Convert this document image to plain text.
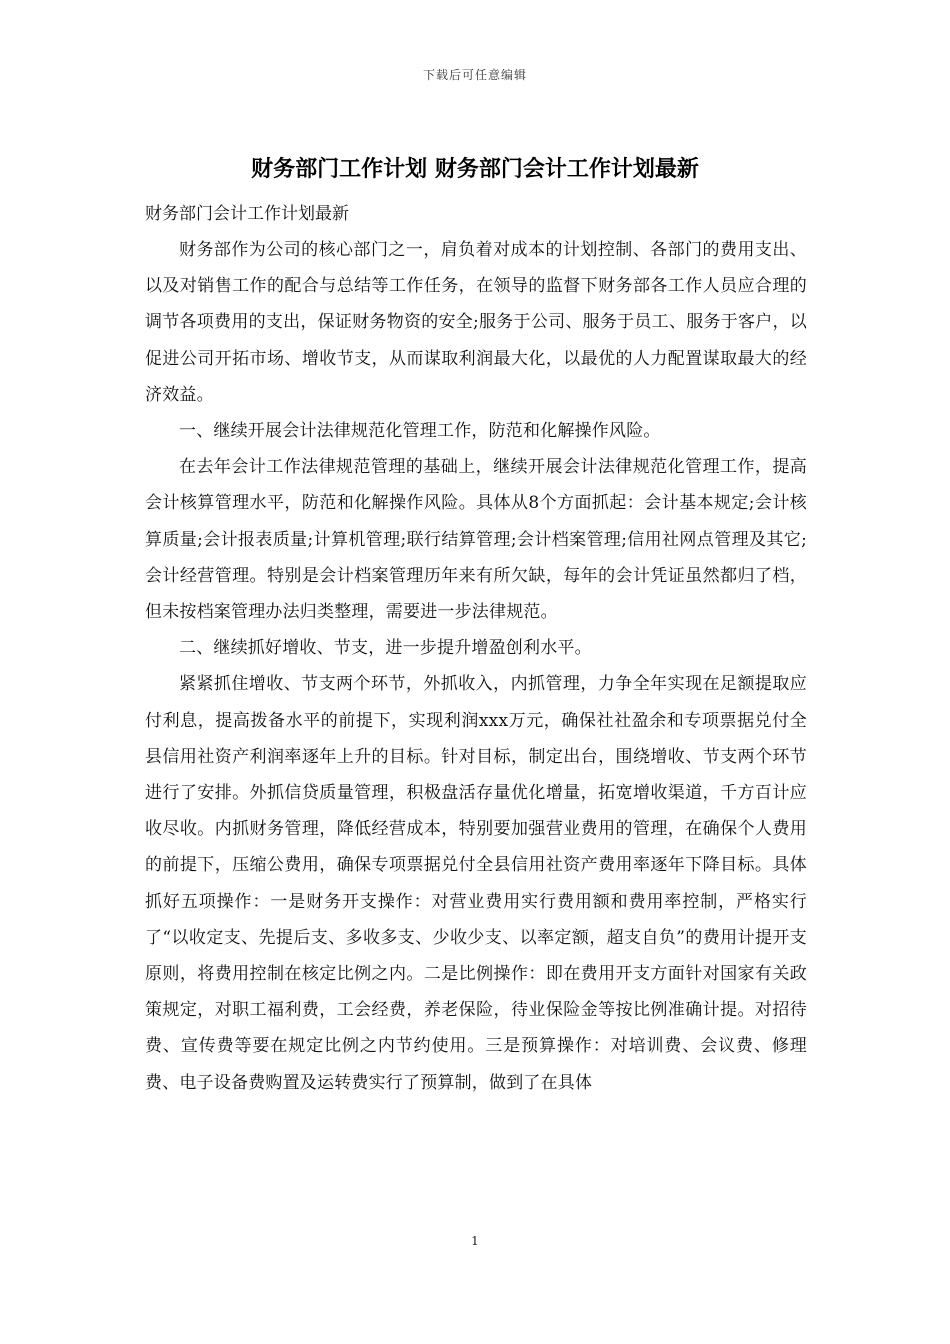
下载后可任意编辑
财务部门工作计划 财务部门会计工作计划最新

财务部门会计工作计划最新

财务部作为公司的核心部门之一，肩负着对成本的计划控制、各部门的费用支出、以及对销售工作的配合与总结等工作任务，在领导的监督下财务部各工作人员应合理的调节各项费用的支出，保证财务物资的安全;服务于公司、服务于员工、服务于客户，以促进公司开拓市场、增收节支，从而谋取利润最大化，以最优的人力配置谋取最大的经济效益。

一、继续开展会计法律规范化管理工作，防范和化解操作风险。

在去年会计工作法律规范管理的基础上，继续开展会计法律规范化管理工作，提高会计核算管理水平，防范和化解操作风险。具体从8个方面抓起：会计基本规定;会计核算质量;会计报表质量;计算机管理;联行结算管理;会计档案管理;信用社网点管理及其它;会计经营管理。特别是会计档案管理历年来有所欠缺，每年的会计凭证虽然都归了档，但未按档案管理办法归类整理，需要进一步法律规范。

二、继续抓好增收、节支，进一步提升增盈创利水平。

紧紧抓住增收、节支两个环节，外抓收入，内抓管理，力争全年实现在足额提取应付利息，提高拨备水平的前提下，实现利润xxx万元，确保社社盈余和专项票据兑付全县信用社资产利润率逐年上升的目标。针对目标，制定出台，围绕增收、节支两个环节进行了安排。外抓信贷质量管理，积极盘活存量优化增量，拓宽增收渠道，千方百计应收尽收。内抓财务管理，降低经营成本，特别要加强营业费用的管理，在确保个人费用的前提下，压缩公费用，确保专项票据兑付全县信用社资产费用率逐年下降目标。具体抓好五项操作：一是财务开支操作：对营业费用实行费用额和费用率控制，严格实行了“以收定支、先提后支、多收多支、少收少支、以率定额，超支自负”的费用计提开支原则，将费用控制在核定比例之内。二是比例操作：即在费用开支方面针对国家有关政策规定，对职工福利费，工会经费，养老保险，待业保险金等按比例准确计提。对招待费、宣传费等要在规定比例之内节约使用。三是预算操作：对培训费、会议费、修理费、电子设备费购置及运转费实行了预算制，做到了在具体

1
